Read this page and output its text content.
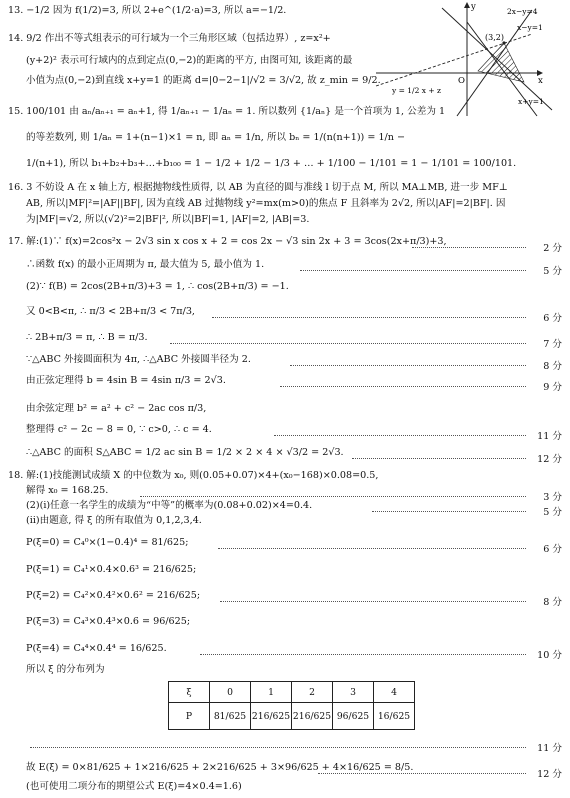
13. −1/2 因为 f(1/2)=3, 所以 2+e^(1/2·a)=3, 所以 a=−1/2.
14. 9/2 作出不等式组表示的可行域为一个三角形区域（包括边界）, z=x²+
(y+2)² 表示可行域内的点到定点(0,−2)的距离的平方, 由图可知, 该距离的最
小值为点(0,−2)到直线 x+y=1 的距离 d=|0−2−1|/√2 = 3/√2, 故 z_min = 9/2.
15. 100/101 由 aₙ/aₙ₊₁ = aₙ+1, 得 1/aₙ₊₁ − 1/aₙ = 1. 所以数列 {1/aₙ} 是一个首项为 1, 公差为 1
的等差数列, 则 1/aₙ = 1+(n−1)×1 = n, 即 aₙ = 1/n, 所以 bₙ = 1/(n(n+1)) = 1/n −
1/(n+1), 所以 b₁+b₂+b₃+…+b₁₀₀ = 1 − 1/2 + 1/2 − 1/3 + … + 1/100 − 1/101 = 1 − 1/101 = 100/101.
16. 3 不妨设 A 在 x 轴上方, 根据抛物线性质得, 以 AB 为直径的圆与准线 l 切于点 M, 所以 MA⊥MB, 进一步 MF⊥
AB, 所以|MF|²=|AF||BF|, 因为直线 AB 过抛物线 y²=mx(m>0)的焦点 F 且斜率为 2√2, 所以|AF|=2|BF|. 因
为|MF|=√2, 所以(√2)²=2|BF|², 所以|BF|=1, |AF|=2, |AB|=3.
17. 解:(1)∵ f(x)=2cos²x − 2√3 sin x cos x + 2 = cos 2x − √3 sin 2x + 3 = 3cos(2x+π/3)+3,
∴函数 f(x) 的最小正周期为 π, 最大值为 5, 最小值为 1.
(2)∵ f(B) = 2cos(2B+π/3)+3 = 1, ∴ cos(2B+π/3) = −1.
又 0<B<π, ∴ π/3 < 2B+π/3 < 7π/3,
∴ 2B+π/3 = π, ∴ B = π/3.
∵△ABC 外接圆面积为 4π, ∴△ABC 外接圆半径为 2.
由正弦定理得 b = 4sin B = 4sin π/3 = 2√3.
由余弦定理 b² = a² + c² − 2ac cos π/3,
整理得 c² − 2c − 8 = 0, ∵ c>0, ∴ c = 4.
∴△ABC 的面积 S△ABC = 1/2 ac sin B = 1/2 × 2 × 4 × √3/2 = 2√3.
18. 解:(1)技能测试成绩 X 的中位数为 x₀, 则(0.05+0.07)×4+(x₀−168)×0.08=0.5,
解得 x₀ = 168.25.
(2)(ⅰ)任意一名学生的成绩为“中等”的概率为(0.08+0.02)×4=0.4.
(ⅱ)由题意, 得 ξ 的所有取值为 0,1,2,3,4.
P(ξ=0) = C₄⁰×(1−0.4)⁴ = 81/625;
P(ξ=1) = C₄¹×0.4×0.6³ = 216/625;
P(ξ=2) = C₄²×0.4²×0.6² = 216/625;
P(ξ=3) = C₄³×0.4³×0.6 = 96/625;
P(ξ=4) = C₄⁴×0.4⁴ = 16/625.
所以 ξ 的分布列为
故 E(ξ) = 0×81/625 + 1×216/625 + 2×216/625 + 3×96/625 + 4×16/625 = 8/5.
(也可使用二项分布的期望公式 E(ξ)=4×0.4=1.6)
2 分
5 分
6 分
7 分
8 分
9 分
11 分
12 分
3 分
5 分
6 分
8 分
10 分
11 分
12 分
ξ	0	1	2	3	4
P	81/625	216/625	216/625	96/625	16/625
y
x
O
(3,2)
2x−y=4
x−y=1
x+y=1
y = 1/2 x + z
